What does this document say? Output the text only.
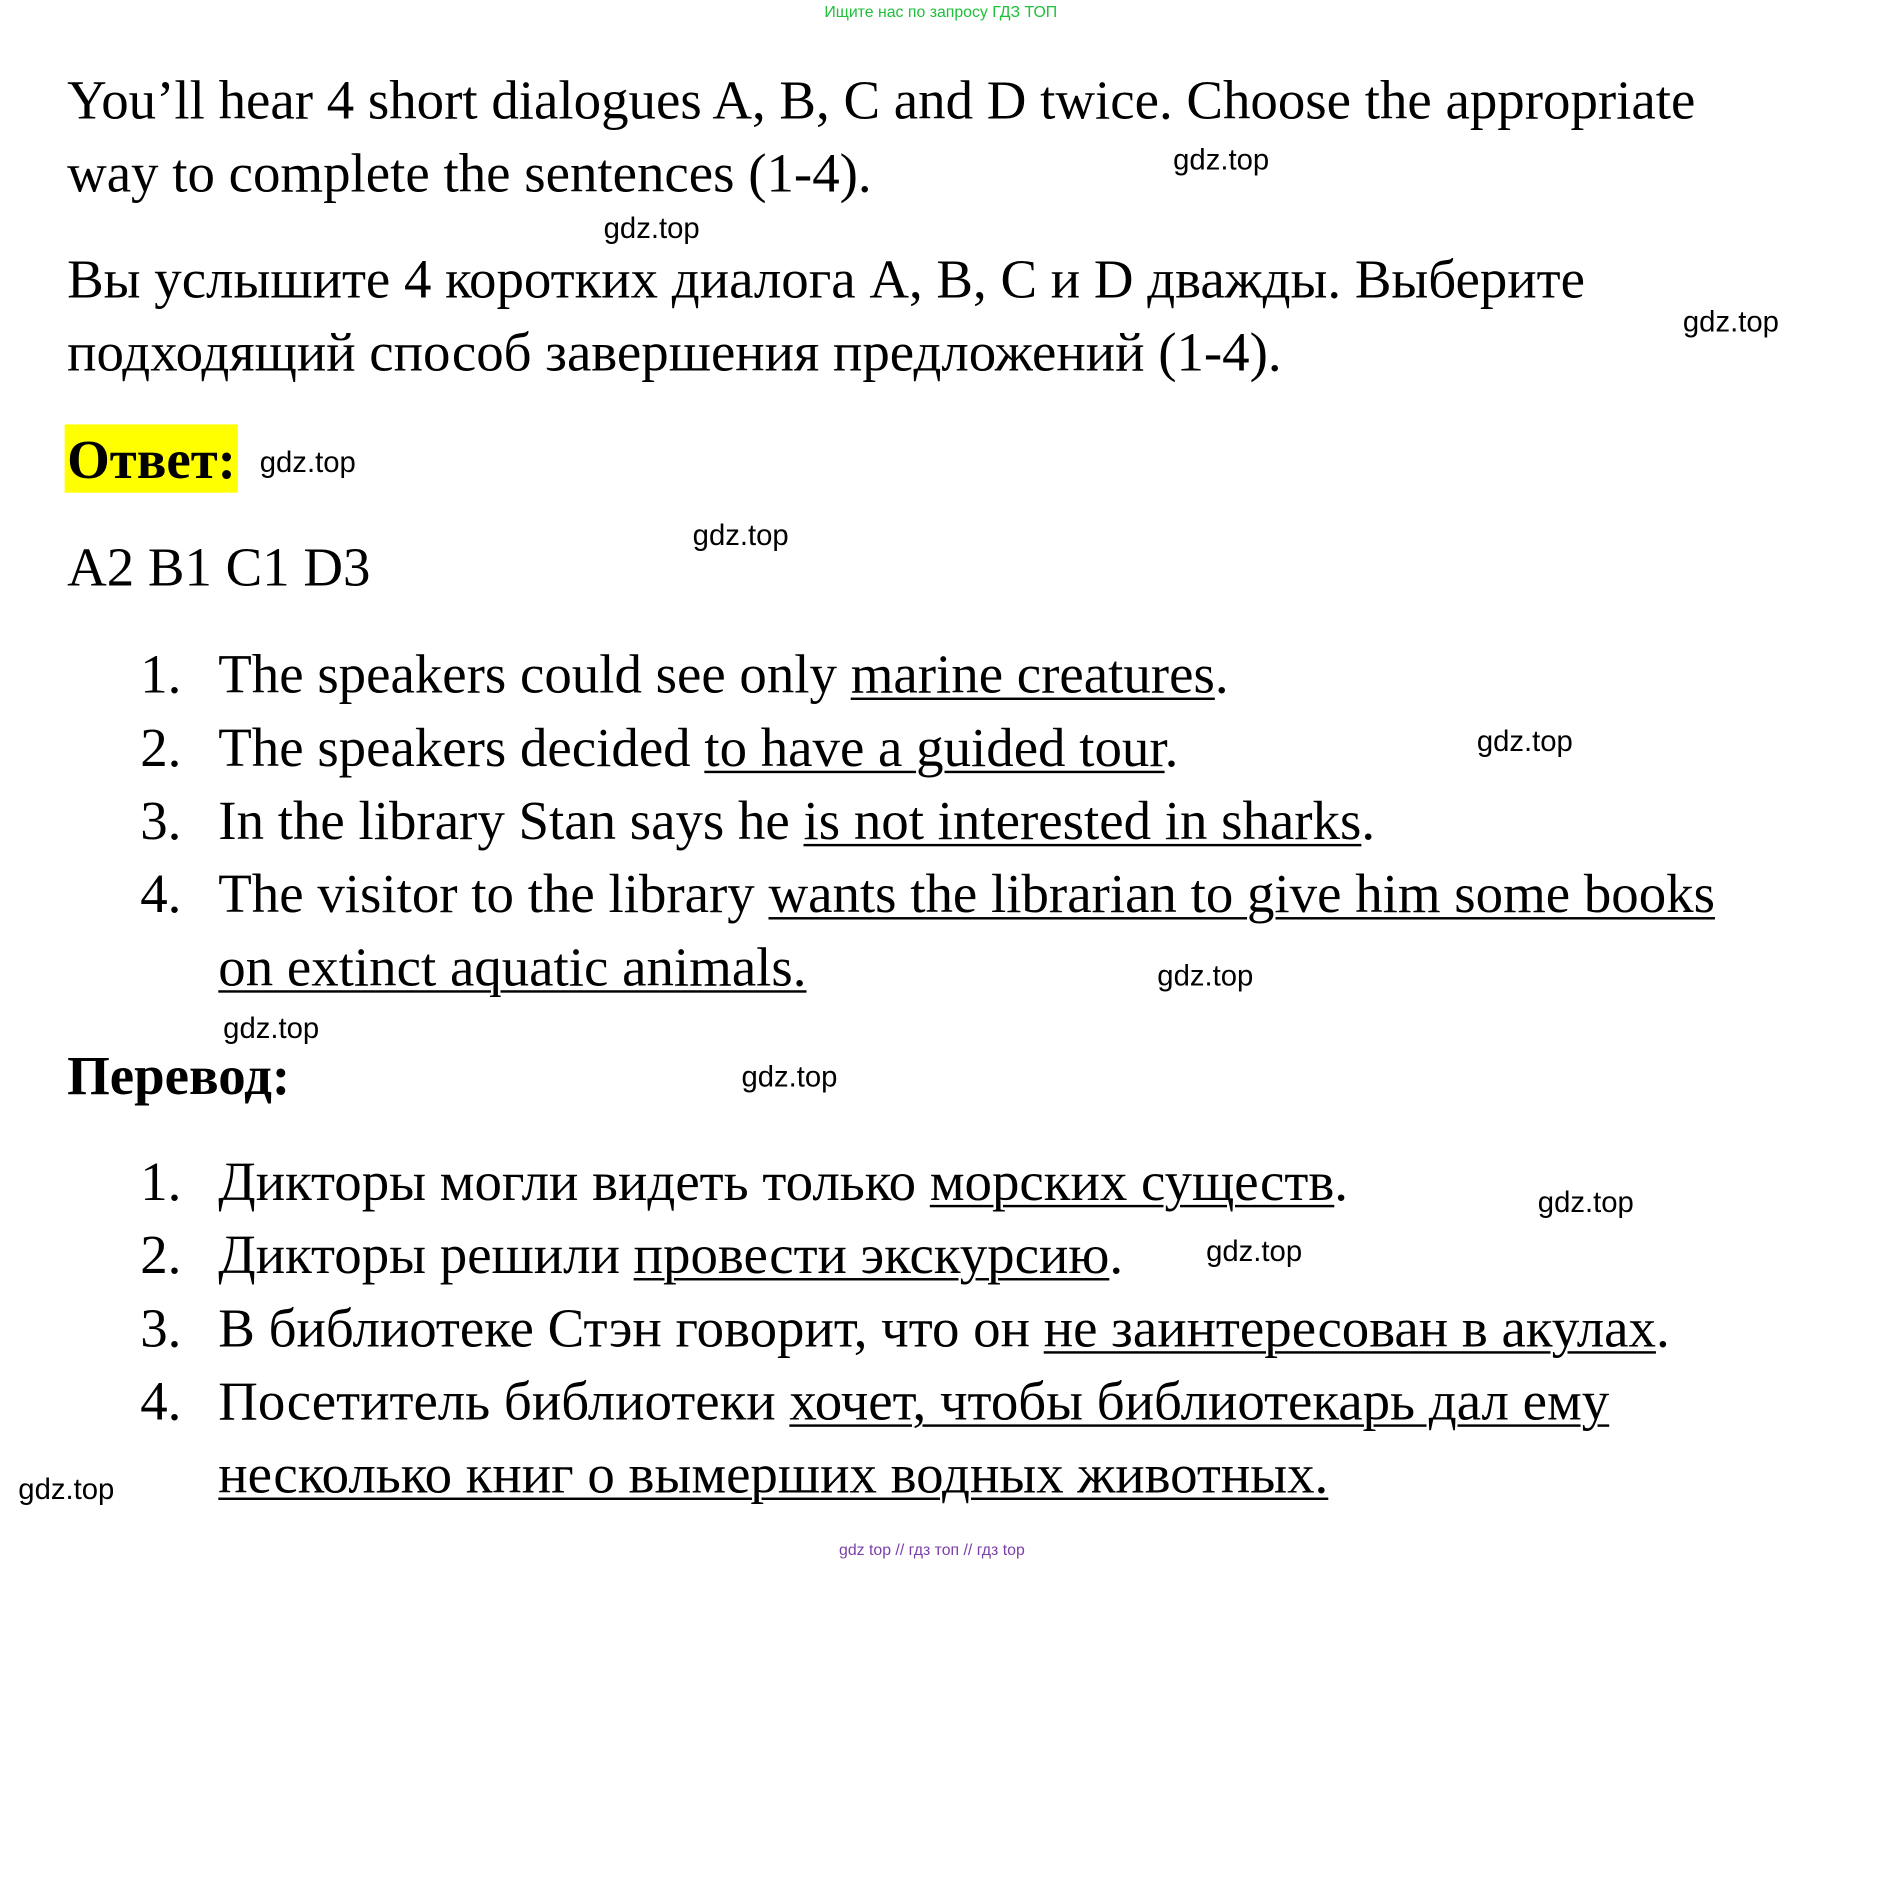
Ищите нас по запросу ГДЗ ТОП
You’ll hear 4 short dialogues A, B, C and D twice. Choose the appropriate
way to complete the sentences (1-4).
Вы услышите 4 коротких диалога A, B, C и D дважды. Выберите
подходящий способ завершения предложений (1-4).
Ответ:
A2 B1 C1 D3
1. The speakers could see only marine creatures.
2. The speakers decided to have a guided tour.
3. In the library Stan says he is not interested in sharks.
4. The visitor to the library wants the librarian to give him some books
on extinct aquatic animals.
Перевод:
1. Дикторы могли видеть только морских существ.
2. Дикторы решили провести экскурсию.
3. В библиотеке Стэн говорит, что он не заинтересован в акулах.
4. Посетитель библиотеки хочет, чтобы библиотекарь дал ему
несколько книг о вымерших водных животных.
gdz.top
gdz.top
gdz.top
gdz.top
gdz.top
gdz.top
gdz.top
gdz.top
gdz.top
gdz.top
gdz.top
gdz.top
gdz top // гдз топ // гдз top
